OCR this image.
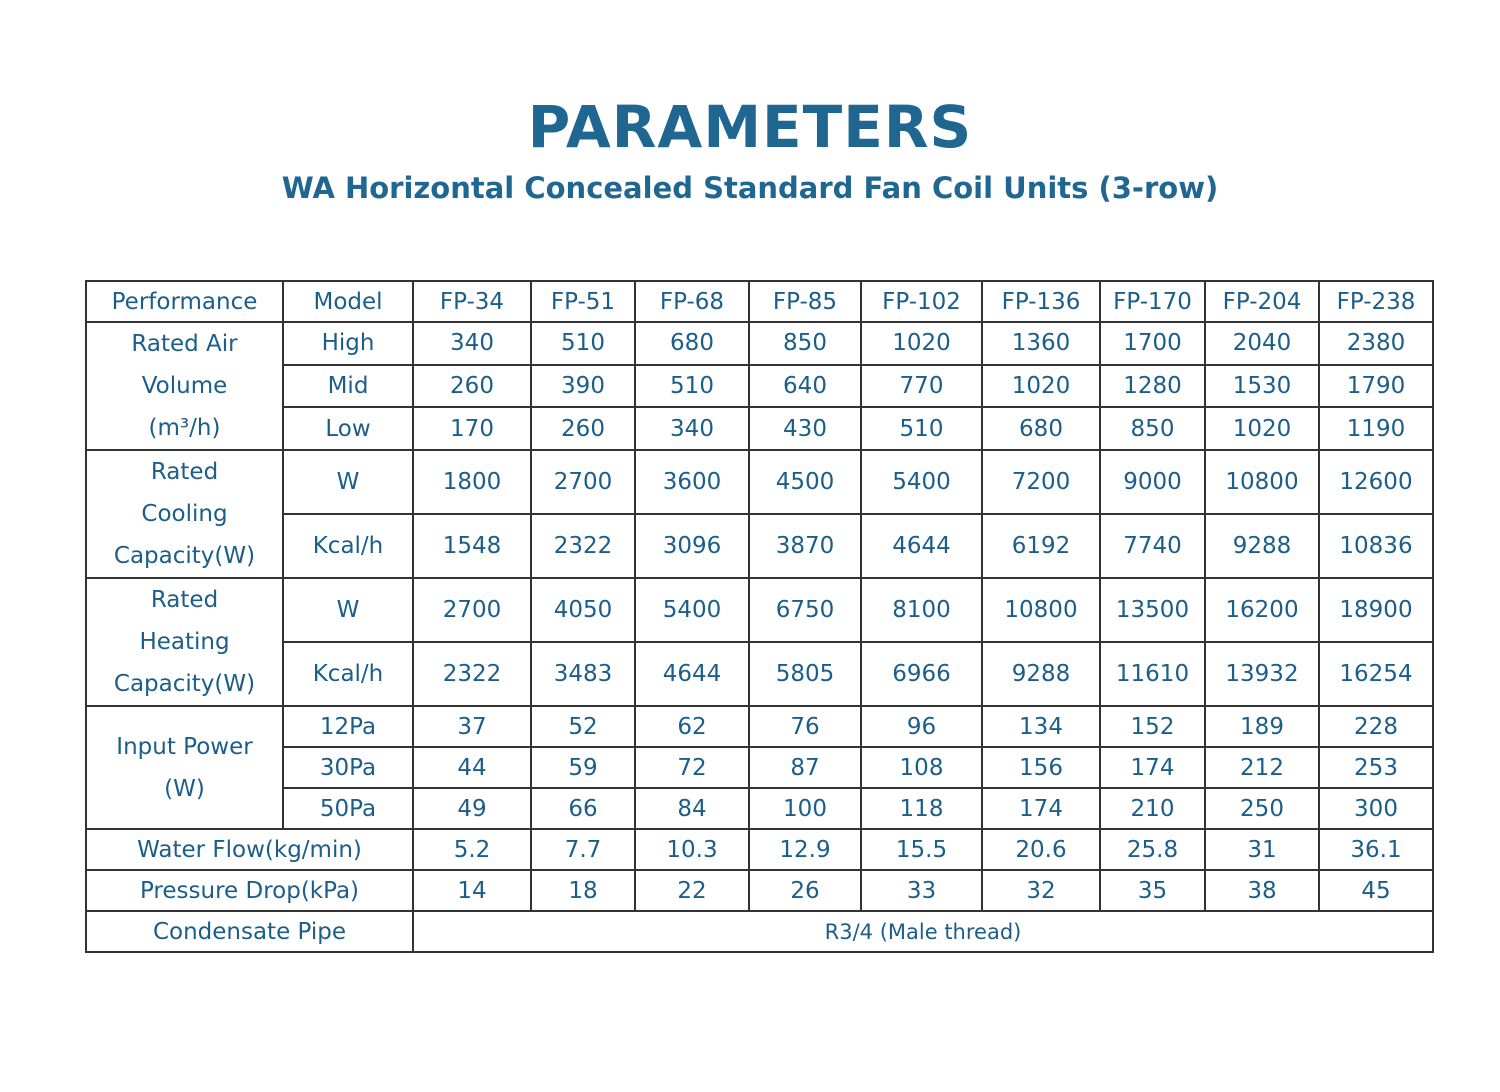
PARAMETERS
WA Horizontal Concealed Standard Fan Coil Units (3-row)
Performance	Model	FP-34	FP-51	FP-68	FP-85	FP-102	FP-136	FP-170	FP-204	FP-238

Rated Air
Volume
(m³/h)	High	340	510	680	850	1020	1360	1700	2040	2380
	Mid	260	390	510	640	770	1020	1280	1530	1790
	Low	170	260	340	430	510	680	850	1020	1190

Rated
Cooling
Capacity(W)	W	1800	2700	3600	4500	5400	7200	9000	10800	12600
	Kcal/h	1548	2322	3096	3870	4644	6192	7740	9288	10836

Rated
Heating
Capacity(W)	W	2700	4050	5400	6750	8100	10800	13500	16200	18900
	Kcal/h	2322	3483	4644	5805	6966	9288	11610	13932	16254

Input Power
(W)	12Pa	37	52	62	76	96	134	152	189	228
	30Pa	44	59	72	87	108	156	174	212	253
	50Pa	49	66	84	100	118	174	210	250	300
Water Flow(kg/min)		5.2	7.7	10.3	12.9	15.5	20.6	25.8	31	36.1
Pressure Drop(kPa)		14	18	22	26	33	32	35	38	45
Condensate Pipe		R3/4 (Male thread)								
